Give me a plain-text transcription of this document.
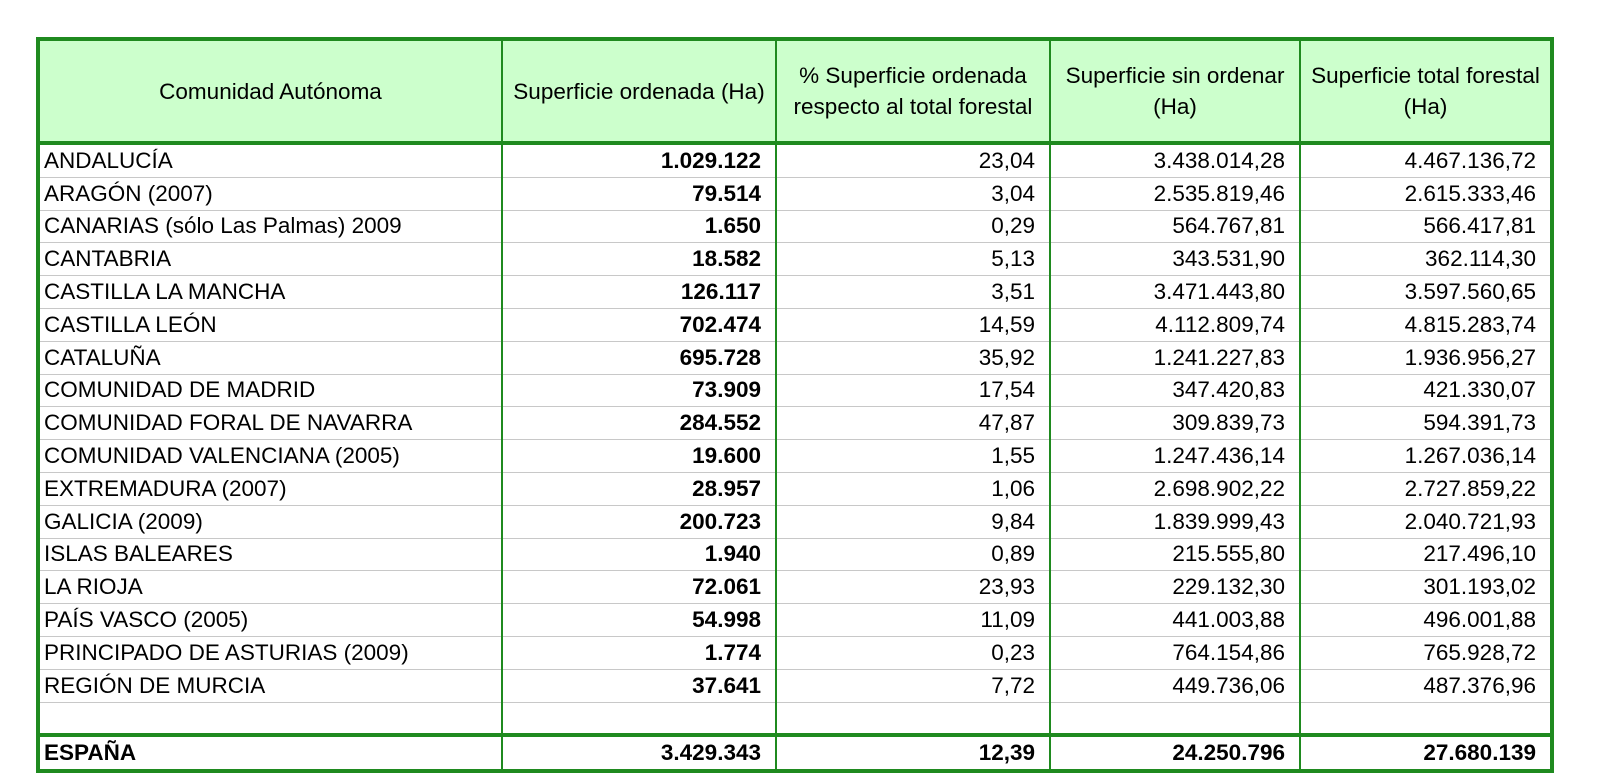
Comunidad Autónoma	Superficie ordenada (Ha)	% Superficie ordenada respecto al total forestal	Superficie sin ordenar (Ha)	Superficie total forestal (Ha)
ANDALUCÍA	1.029.122	23,04	3.438.014,28	4.467.136,72
ARAGÓN (2007)	79.514	3,04	2.535.819,46	2.615.333,46
CANARIAS (sólo Las Palmas) 2009	1.650	0,29	564.767,81	566.417,81
CANTABRIA	18.582	5,13	343.531,90	362.114,30
CASTILLA LA MANCHA	126.117	3,51	3.471.443,80	3.597.560,65
CASTILLA LEÓN	702.474	14,59	4.112.809,74	4.815.283,74
CATALUÑA	695.728	35,92	1.241.227,83	1.936.956,27
COMUNIDAD DE MADRID	73.909	17,54	347.420,83	421.330,07
COMUNIDAD FORAL DE NAVARRA	284.552	47,87	309.839,73	594.391,73
COMUNIDAD VALENCIANA (2005)	19.600	1,55	1.247.436,14	1.267.036,14
EXTREMADURA (2007)	28.957	1,06	2.698.902,22	2.727.859,22
GALICIA (2009)	200.723	9,84	1.839.999,43	2.040.721,93
ISLAS BALEARES	1.940	0,89	215.555,80	217.496,10
LA RIOJA	72.061	23,93	229.132,30	301.193,02
PAÍS VASCO (2005)	54.998	11,09	441.003,88	496.001,88
PRINCIPADO DE ASTURIAS (2009)	1.774	0,23	764.154,86	765.928,72
REGIÓN DE MURCIA	37.641	7,72	449.736,06	487.376,96

ESPAÑA	3.429.343	12,39	24.250.796	27.680.139
